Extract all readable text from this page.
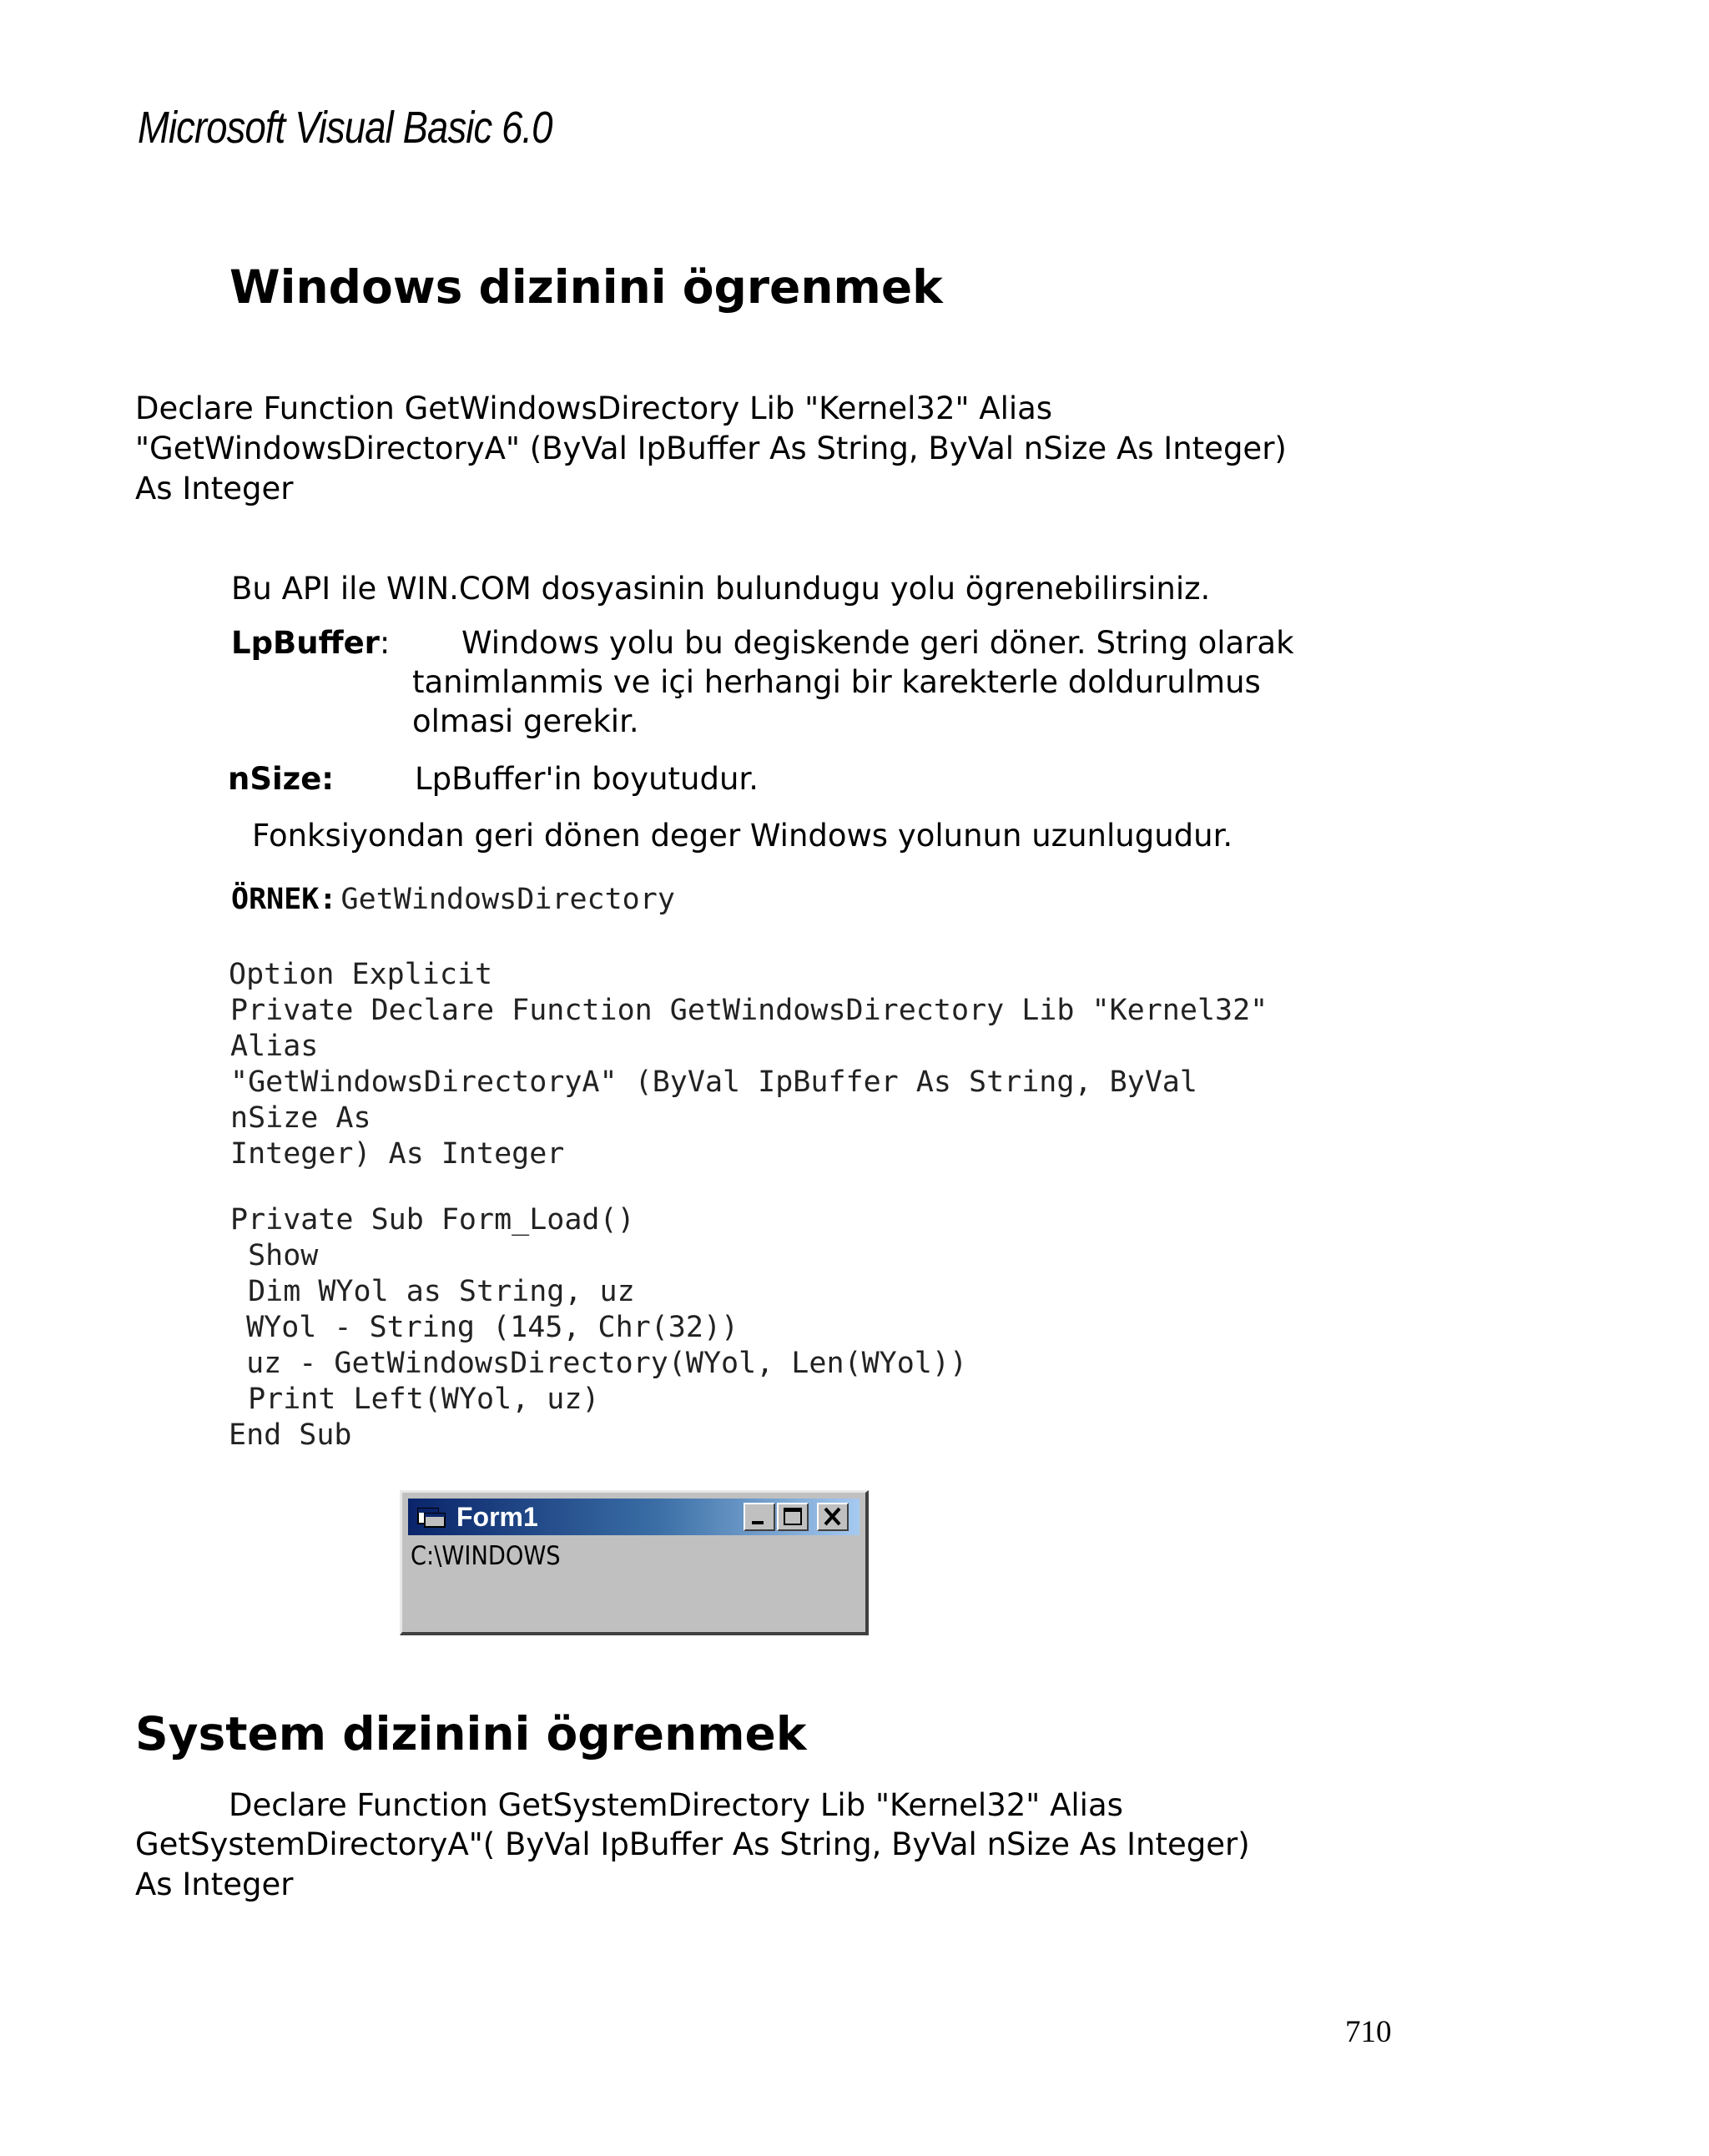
Microsoft Visual Basic 6.0
Windows dizinini ögrenmek
Declare Function GetWindowsDirectory Lib "Kernel32" Alias
"GetWindowsDirectoryA" (ByVal IpBuffer As String, ByVal nSize As Integer)
As Integer
Bu API ile WIN.COM dosyasinin bulundugu yolu ögrenebilirsiniz.
LpBuffer: Windows yolu bu degiskende geri döner. String olarak
tanimlanmis ve içi herhangi bir karekterle doldurulmus
olmasi gerekir.
nSize:	LpBuffer'in boyutudur.
Fonksiyondan geri dönen deger Windows yolunun uzunlugudur.
ÖRNEK: GetWindowsDirectory
Option Explicit
Private Declare Function GetWindowsDirectory Lib "Kernel32"
Alias
"GetWindowsDirectoryA" (ByVal IpBuffer As String, ByVal
nSize As
Integer) As Integer
Private Sub Form_Load()
Show
Dim WYol as String, uz
WYol - String (145, Chr(32))
uz - GetWindowsDirectory(WYol, Len(WYol))
Print Left(WYol, uz)
End Sub
Form1
C:\WINDOWS
System dizinini ögrenmek
Declare Function GetSystemDirectory Lib "Kernel32" Alias
GetSystemDirectoryA"( ByVal IpBuffer As String, ByVal nSize As Integer)
As Integer
710
